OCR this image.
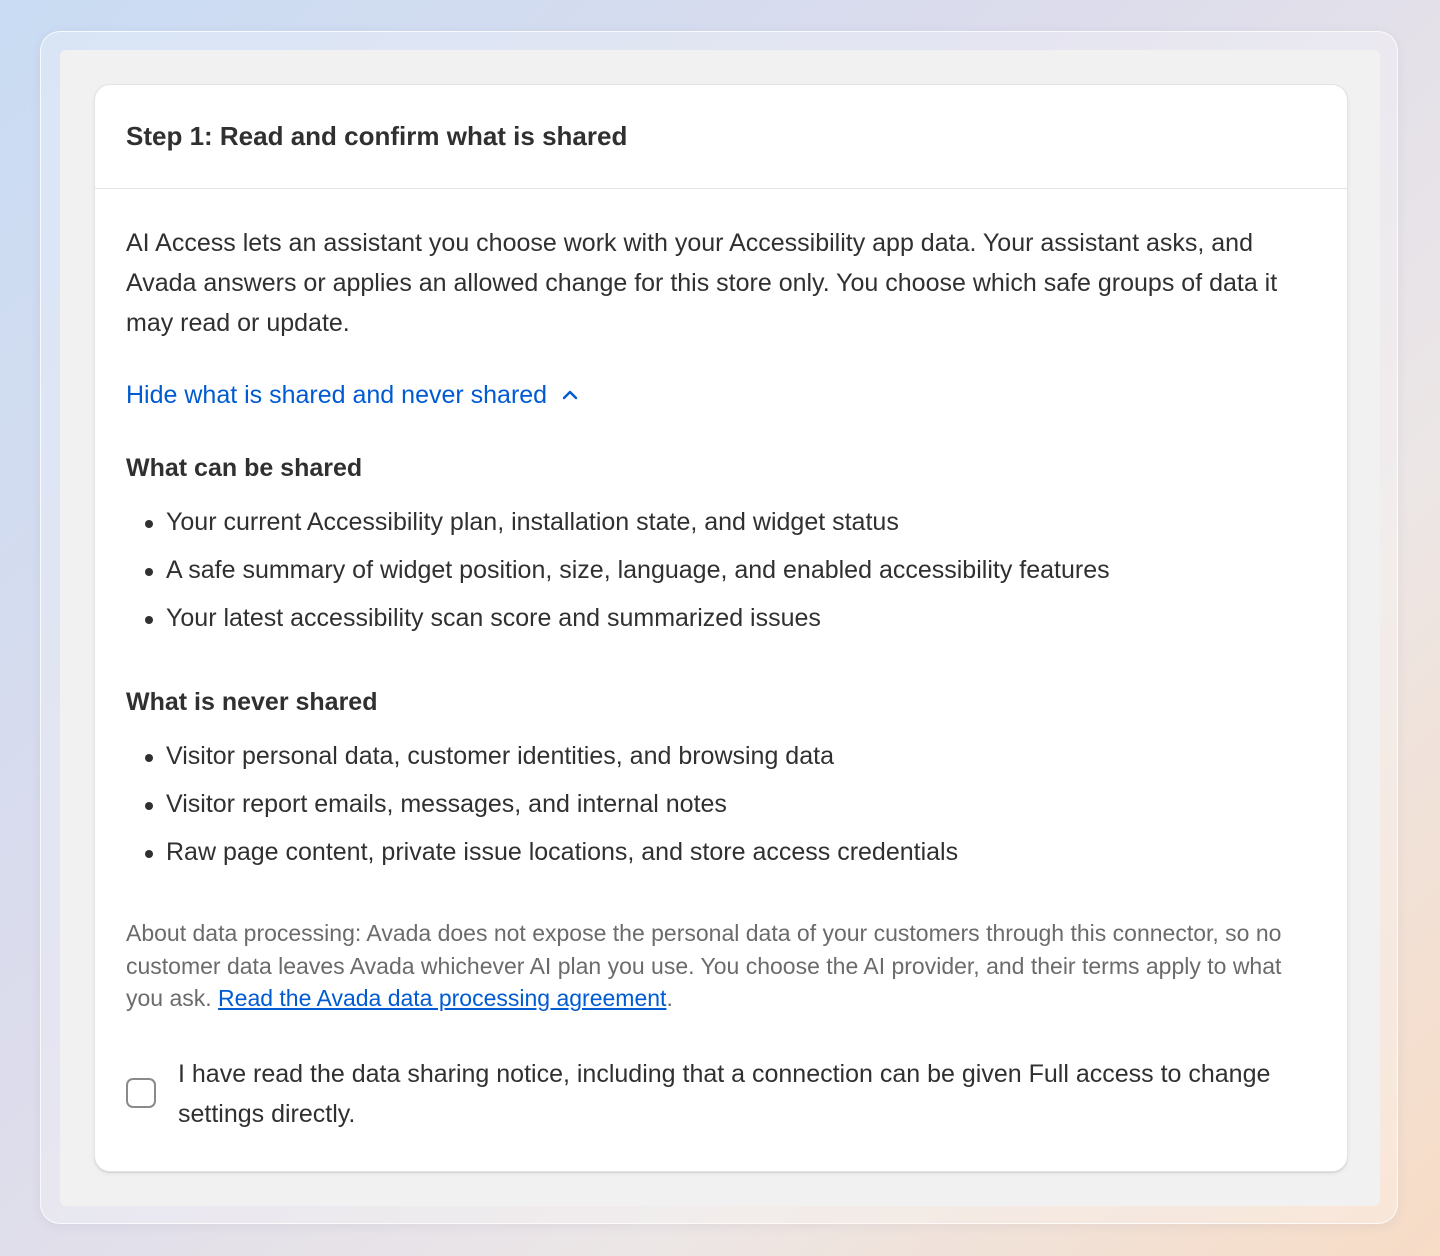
Step 1: Read and confirm what is shared

AI Access lets an assistant you choose work with your Accessibility app data. Your assistant asks, and Avada answers or applies an allowed change for this store only. You choose which safe groups of data it may read or update.

Hide what is shared and never shared
What can be shared
Your current Accessibility plan, installation state, and widget status
A safe summary of widget position, size, language, and enabled accessibility features
Your latest accessibility scan score and summarized issues
What is never shared
Visitor personal data, customer identities, and browsing data
Visitor report emails, messages, and internal notes
Raw page content, private issue locations, and store access credentials

About data processing: Avada does not expose the personal data of your customers through this connector, so no customer data leaves Avada whichever AI plan you use. You choose the AI provider, and their terms apply to what you ask. Read the Avada data processing agreement.

I have read the data sharing notice, including that a connection can be given Full access to change settings directly.
